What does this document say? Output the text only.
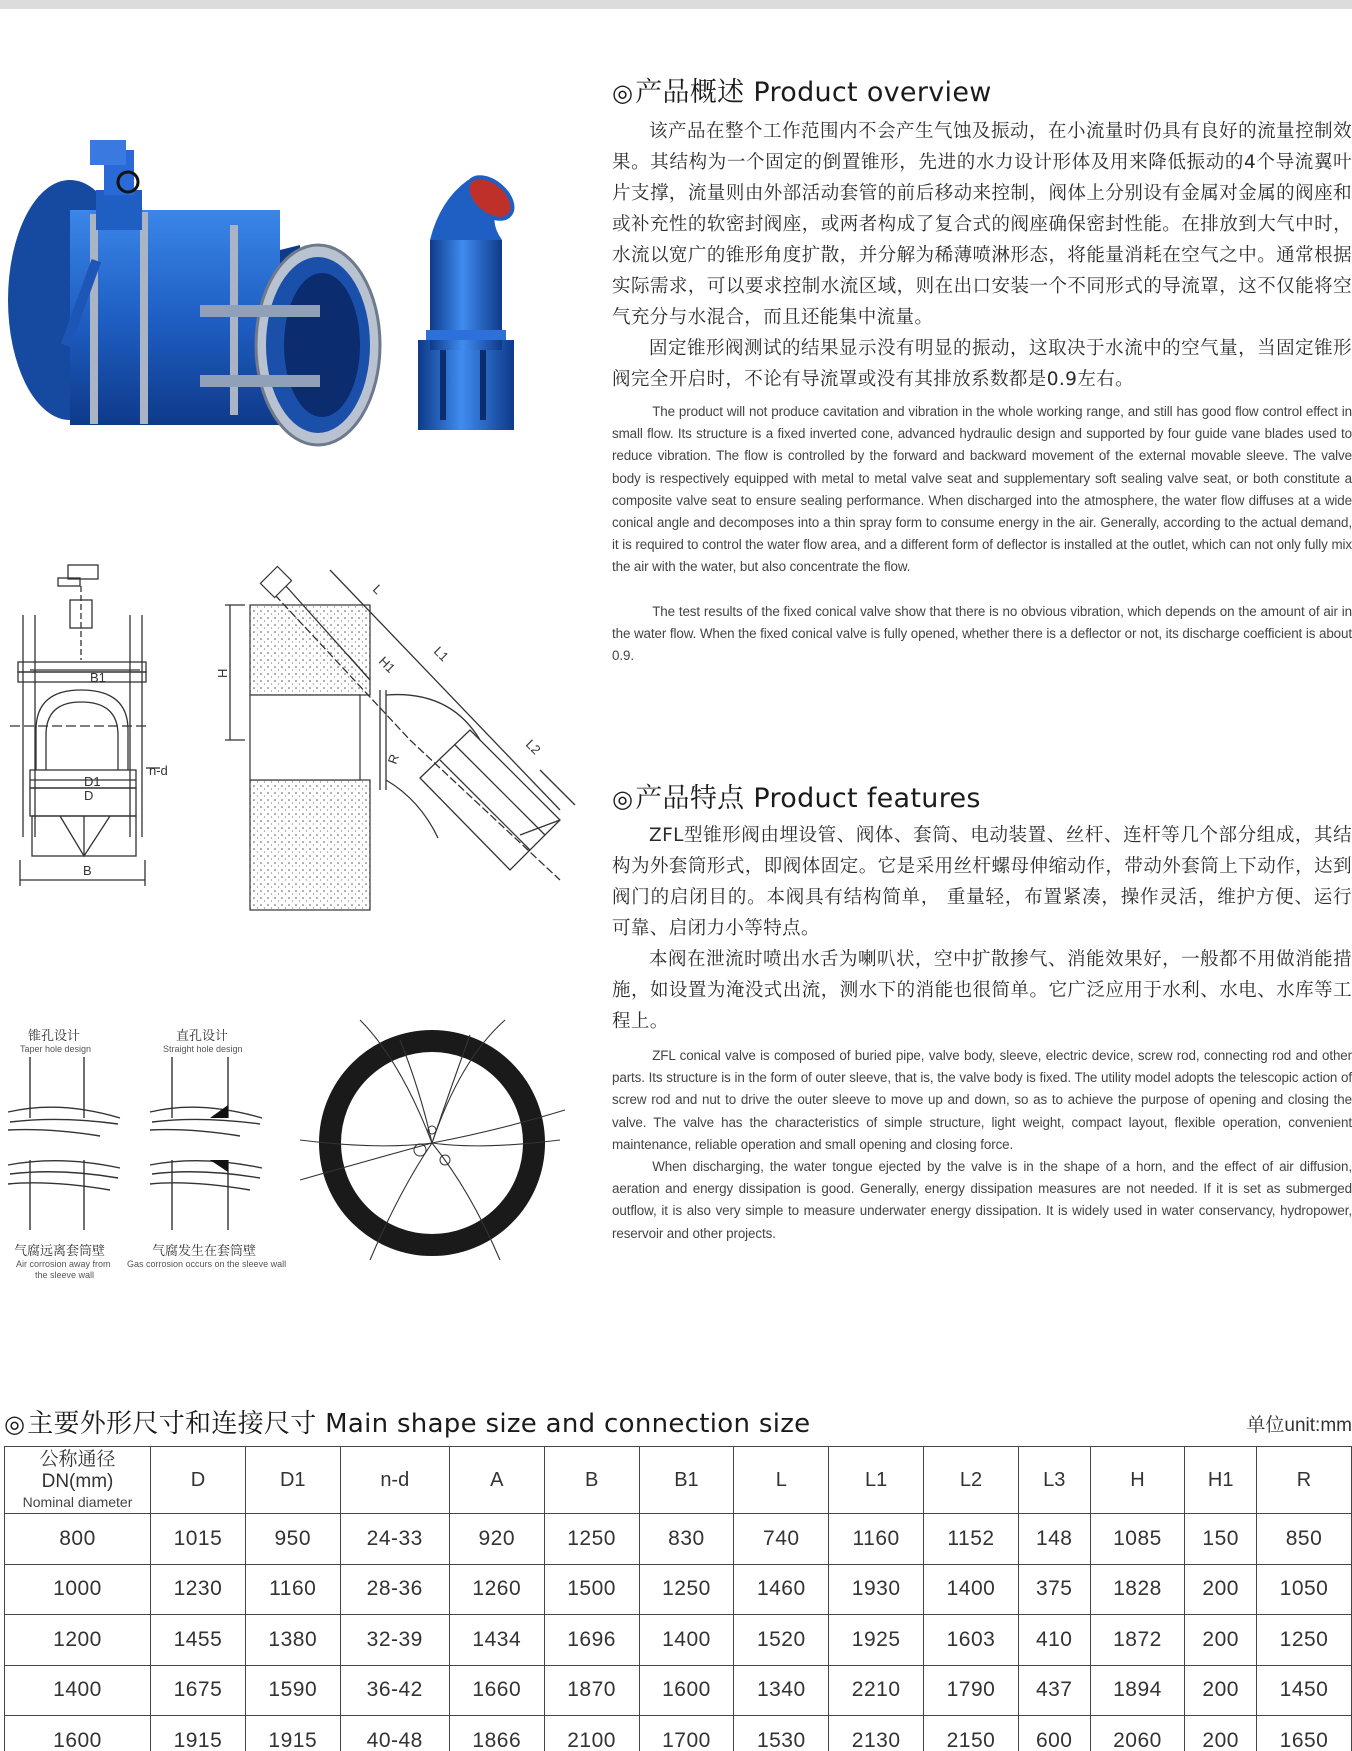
B1
B
D1
D
n-d
H
L
L1
H1
L2
R
锥孔设计
Taper hole design
直孔设计
Straight hole design
气腐远离套筒壁
Air corrosion away from
the sleeve wall
气腐发生在套筒壁
Gas corrosion occurs on the sleeve wall
◎产品概述 Product overview
该产品在整个工作范围内不会产生气蚀及振动，在小流量时仍具有良好的流量控制效果。其结构为一个固定的倒置锥形，先进的水力设计形体及用来降低振动的4个导流翼叶片支撑，流量则由外部活动套管的前后移动来控制，阀体上分别设有金属对金属的阀座和或补充性的软密封阀座，或两者构成了复合式的阀座确保密封性能。在排放到大气中时，水流以宽广的锥形角度扩散，并分解为稀薄喷淋形态，将能量消耗在空气之中。通常根据实际需求，可以要求控制水流区域，则在出口安装一个不同形式的导流罩，这不仅能将空气充分与水混合，而且还能集中流量。
固定锥形阀测试的结果显示没有明显的振动，这取决于水流中的空气量，当固定锥形阀完全开启时，不论有导流罩或没有其排放系数都是0.9左右。
The product will not produce cavitation and vibration in the whole working range, and still has good flow control effect in small flow. Its structure is a fixed inverted cone, advanced hydraulic design and supported by four guide vane blades used to reduce vibration. The flow is controlled by the forward and backward movement of the external movable sleeve. The valve body is respectively equipped with metal to metal valve seat and supplementary soft sealing valve seat, or both constitute a composite valve seat to ensure sealing performance. When discharged into the atmosphere, the water flow diffuses at a wide conical angle and decomposes into a thin spray form to consume energy in the air. Generally, according to the actual demand, it is required to control the water flow area, and a different form of deflector is installed at the outlet, which can not only fully mix the air with the water, but also concentrate the flow.
The test results of the fixed conical valve show that there is no obvious vibration, which depends on the amount of air in the water flow. When the fixed conical valve is fully opened, whether there is a deflector or not, its discharge coefficient is about 0.9.
◎产品特点 Product features
ZFL型锥形阀由埋设管、阀体、套筒、电动装置、丝杆、连杆等几个部分组成，其结构为外套筒形式，即阀体固定。它是采用丝杆螺母伸缩动作，带动外套筒上下动作，达到阀门的启闭目的。本阀具有结构简单， 重量轻，布置紧凑，操作灵活，维护方便、运行可靠、启闭力小等特点。
本阀在泄流时喷出水舌为喇叭状，空中扩散掺气、消能效果好，一般都不用做消能措施，如设置为淹没式出流，测水下的消能也很简单。它广泛应用于水利、水电、水库等工程上。
ZFL conical valve is composed of buried pipe, valve body, sleeve, electric device, screw rod, connecting rod and other parts. Its structure is in the form of outer sleeve, that is, the valve body is fixed. The utility model adopts the telescopic action of screw rod and nut to drive the outer sleeve to move up and down, so as to achieve the purpose of opening and closing the valve. The valve has the characteristics of simple structure, light weight, compact layout, flexible operation, convenient maintenance, reliable operation and small opening and closing force.
When discharging, the water tongue ejected by the valve is in the shape of a horn, and the effect of air diffusion, aeration and energy dissipation is good. Generally, energy dissipation measures are not needed. If it is set as submerged outflow, it is also very simple to measure underwater energy dissipation. It is widely used in water conservancy, hydropower, reservoir and other projects.
◎主要外形尺寸和连接尺寸 Main shape size and connection size	单位unit:mm
公称通径DN(mm)
Nominal diameter	D	D1	n-d	A	B	B1	L	L1	L2	L3	H	H1	R
800	1015	950	24-33	920	1250	830	740	1160	1152	148	1085	150	850
1000	1230	1160	28-36	1260	1500	1250	1460	1930	1400	375	1828	200	1050
1200	1455	1380	32-39	1434	1696	1400	1520	1925	1603	410	1872	200	1250
1400	1675	1590	36-42	1660	1870	1600	1340	2210	1790	437	1894	200	1450
1600	1915	1915	40-48	1866	2100	1700	1530	2130	2150	600	2060	200	1650
